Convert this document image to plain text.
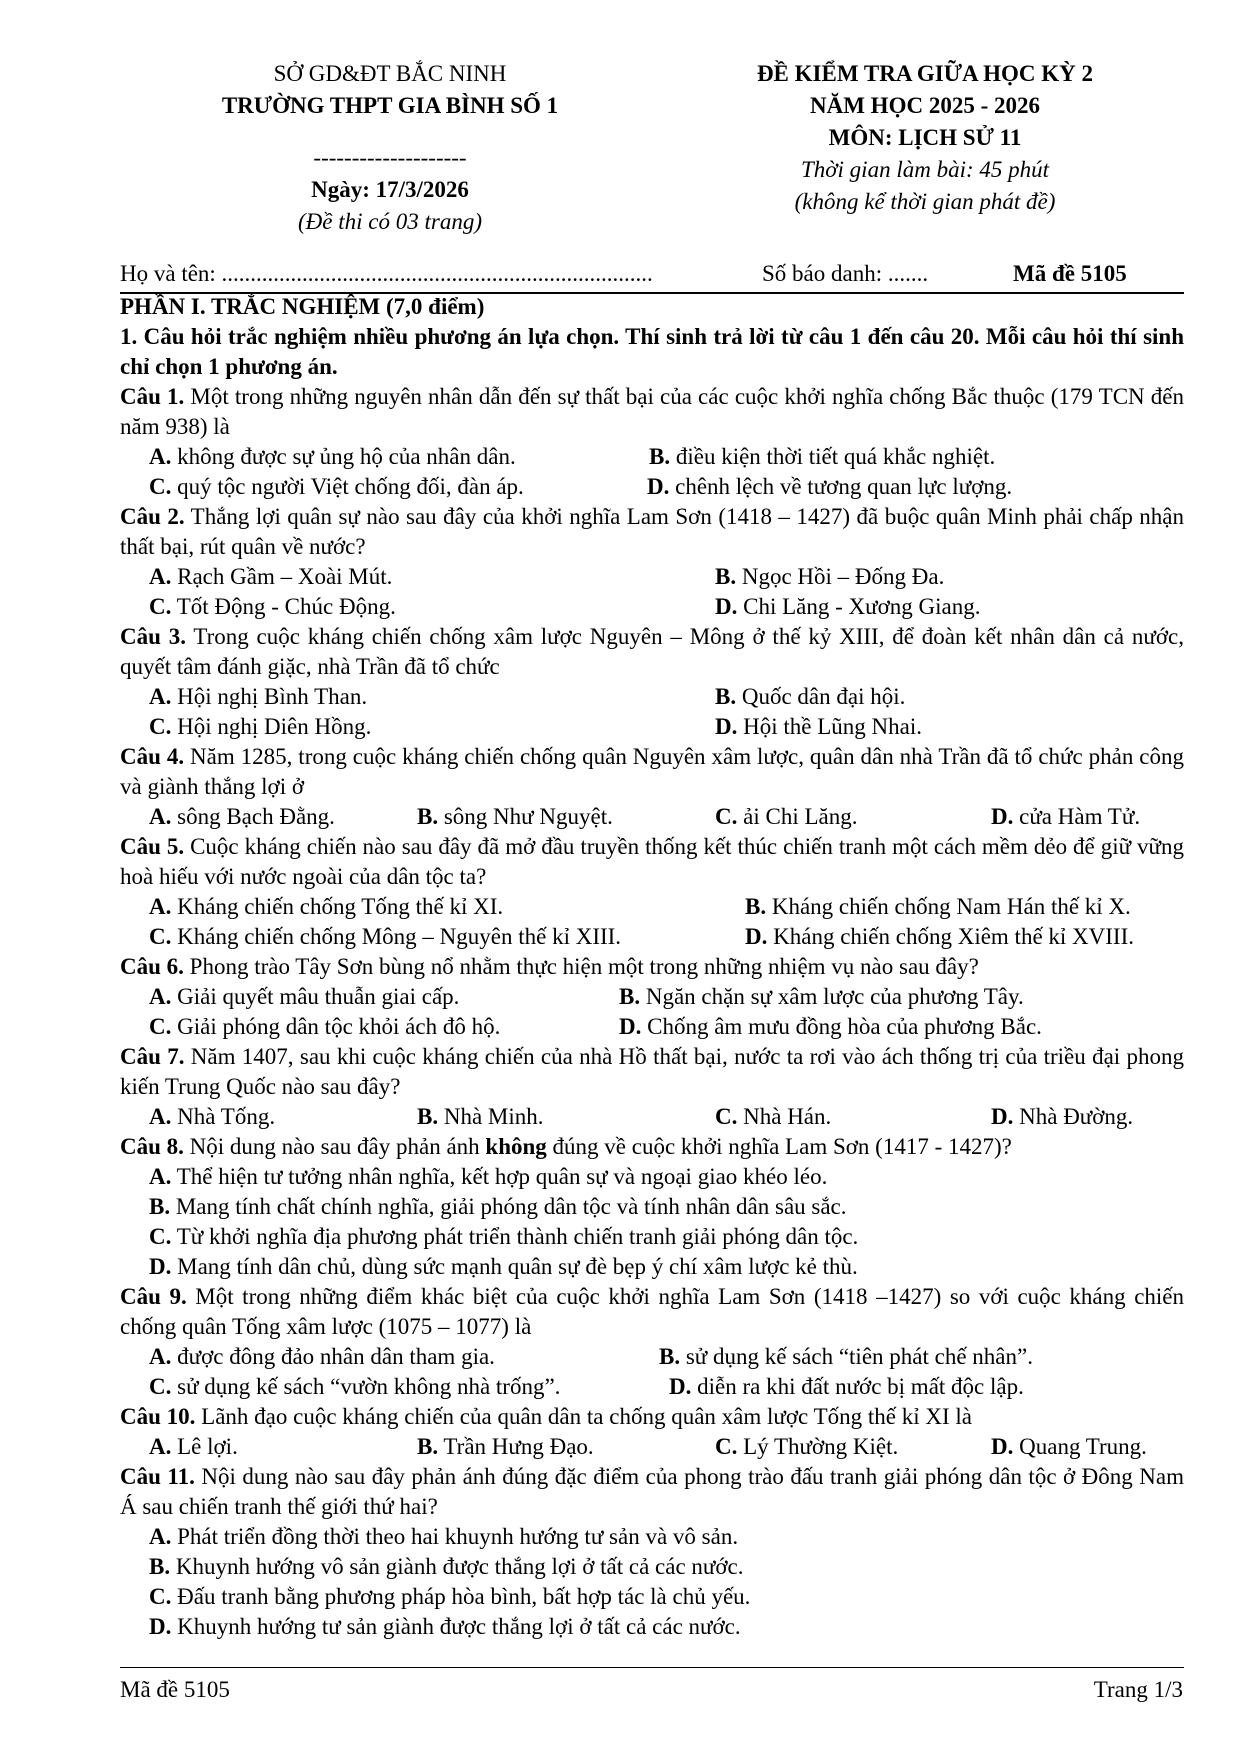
SỞ GD&ĐT BẮC NINH
TRƯỜNG THPT GIA BÌNH SỐ 1
--------------------
Ngày: 17/3/2026
(Đề thi có 03 trang)
ĐỀ KIỂM TRA GIỮA HỌC KỲ 2
NĂM HỌC 2025 - 2026
MÔN: LỊCH SỬ 11
Thời gian làm bài: 45 phút
(không kể thời gian phát đề)
Họ và tên: ...........................................................................	Số báo danh: .......	Mã đề 5105
PHẦN I. TRẮC NGHIỆM (7,0 điểm)
1. Câu hỏi trắc nghiệm nhiều phương án lựa chọn. Thí sinh trả lời từ câu 1 đến câu 20. Mỗi câu hỏi thí sinh chỉ chọn 1 phương án.
Câu 1. Một trong những nguyên nhân dẫn đến sự thất bại của các cuộc khởi nghĩa chống Bắc thuộc (179 TCN đến năm 938) là
A. không được sự ủng hộ của nhân dân.	B. điều kiện thời tiết quá khắc nghiệt.
C. quý tộc người Việt chống đối, đàn áp.	D. chênh lệch về tương quan lực lượng.
Câu 2. Thắng lợi quân sự nào sau đây của khởi nghĩa Lam Sơn (1418 – 1427) đã buộc quân Minh phải chấp nhận thất bại, rút quân về nước?
A. Rạch Gầm – Xoài Mút.	B. Ngọc Hồi – Đống Đa.
C. Tốt Động - Chúc Động.	D. Chi Lăng - Xương Giang.
Câu 3. Trong cuộc kháng chiến chống xâm lược Nguyên – Mông ở thế kỷ XIII, để đoàn kết nhân dân cả nước, quyết tâm đánh giặc, nhà Trần đã tổ chức
A. Hội nghị Bình Than.	B. Quốc dân đại hội.
C. Hội nghị Diên Hồng.	D. Hội thề Lũng Nhai.
Câu 4. Năm 1285, trong cuộc kháng chiến chống quân Nguyên xâm lược, quân dân nhà Trần đã tổ chức phản công và giành thắng lợi ở
A. sông Bạch Đằng.	B. sông Như Nguyệt.	C. ải Chi Lăng.	D. cửa Hàm Tử.
Câu 5. Cuộc kháng chiến nào sau đây đã mở đầu truyền thống kết thúc chiến tranh một cách mềm dẻo để giữ vững hoà hiếu với nước ngoài của dân tộc ta?
A. Kháng chiến chống Tống thế kỉ XI.	B. Kháng chiến chống Nam Hán thế kỉ X.
C. Kháng chiến chống Mông – Nguyên thế kỉ XIII.	D. Kháng chiến chống Xiêm thế kỉ XVIII.
Câu 6. Phong trào Tây Sơn bùng nổ nhằm thực hiện một trong những nhiệm vụ nào sau đây?
A. Giải quyết mâu thuẫn giai cấp.	B. Ngăn chặn sự xâm lược của phương Tây.
C. Giải phóng dân tộc khỏi ách đô hộ.	D. Chống âm mưu đồng hòa của phương Bắc.
Câu 7. Năm 1407, sau khi cuộc kháng chiến của nhà Hồ thất bại, nước ta rơi vào ách thống trị của triều đại phong kiến Trung Quốc nào sau đây?
A. Nhà Tống.	B. Nhà Minh.	C. Nhà Hán.	D. Nhà Đường.
Câu 8. Nội dung nào sau đây phản ánh không đúng về cuộc khởi nghĩa Lam Sơn (1417 - 1427)?
A. Thể hiện tư tưởng nhân nghĩa, kết hợp quân sự và ngoại giao khéo léo.
B. Mang tính chất chính nghĩa, giải phóng dân tộc và tính nhân dân sâu sắc.
C. Từ khởi nghĩa địa phương phát triển thành chiến tranh giải phóng dân tộc.
D. Mang tính dân chủ, dùng sức mạnh quân sự đè bẹp ý chí xâm lược kẻ thù.
Câu 9. Một trong những điểm khác biệt của cuộc khởi nghĩa Lam Sơn (1418 –1427) so với cuộc kháng chiến chống quân Tống xâm lược (1075 – 1077) là
A. được đông đảo nhân dân tham gia.	B. sử dụng kế sách “tiên phát chế nhân”.
C. sử dụng kế sách “vườn không nhà trống”.	D. diễn ra khi đất nước bị mất độc lập.
Câu 10. Lãnh đạo cuộc kháng chiến của quân dân ta chống quân xâm lược Tống thế kỉ XI là
A. Lê lợi.	B. Trần Hưng Đạo.	C. Lý Thường Kiệt.	D. Quang Trung.
Câu 11. Nội dung nào sau đây phản ánh đúng đặc điểm của phong trào đấu tranh giải phóng dân tộc ở Đông Nam Á sau chiến tranh thế giới thứ hai?
A. Phát triển đồng thời theo hai khuynh hướng tư sản và vô sản.
B. Khuynh hướng vô sản giành được thắng lợi ở tất cả các nước.
C. Đấu tranh bằng phương pháp hòa bình, bất hợp tác là chủ yếu.
D. Khuynh hướng tư sản giành được thắng lợi ở tất cả các nước.
Mã đề 5105	Trang 1/3
